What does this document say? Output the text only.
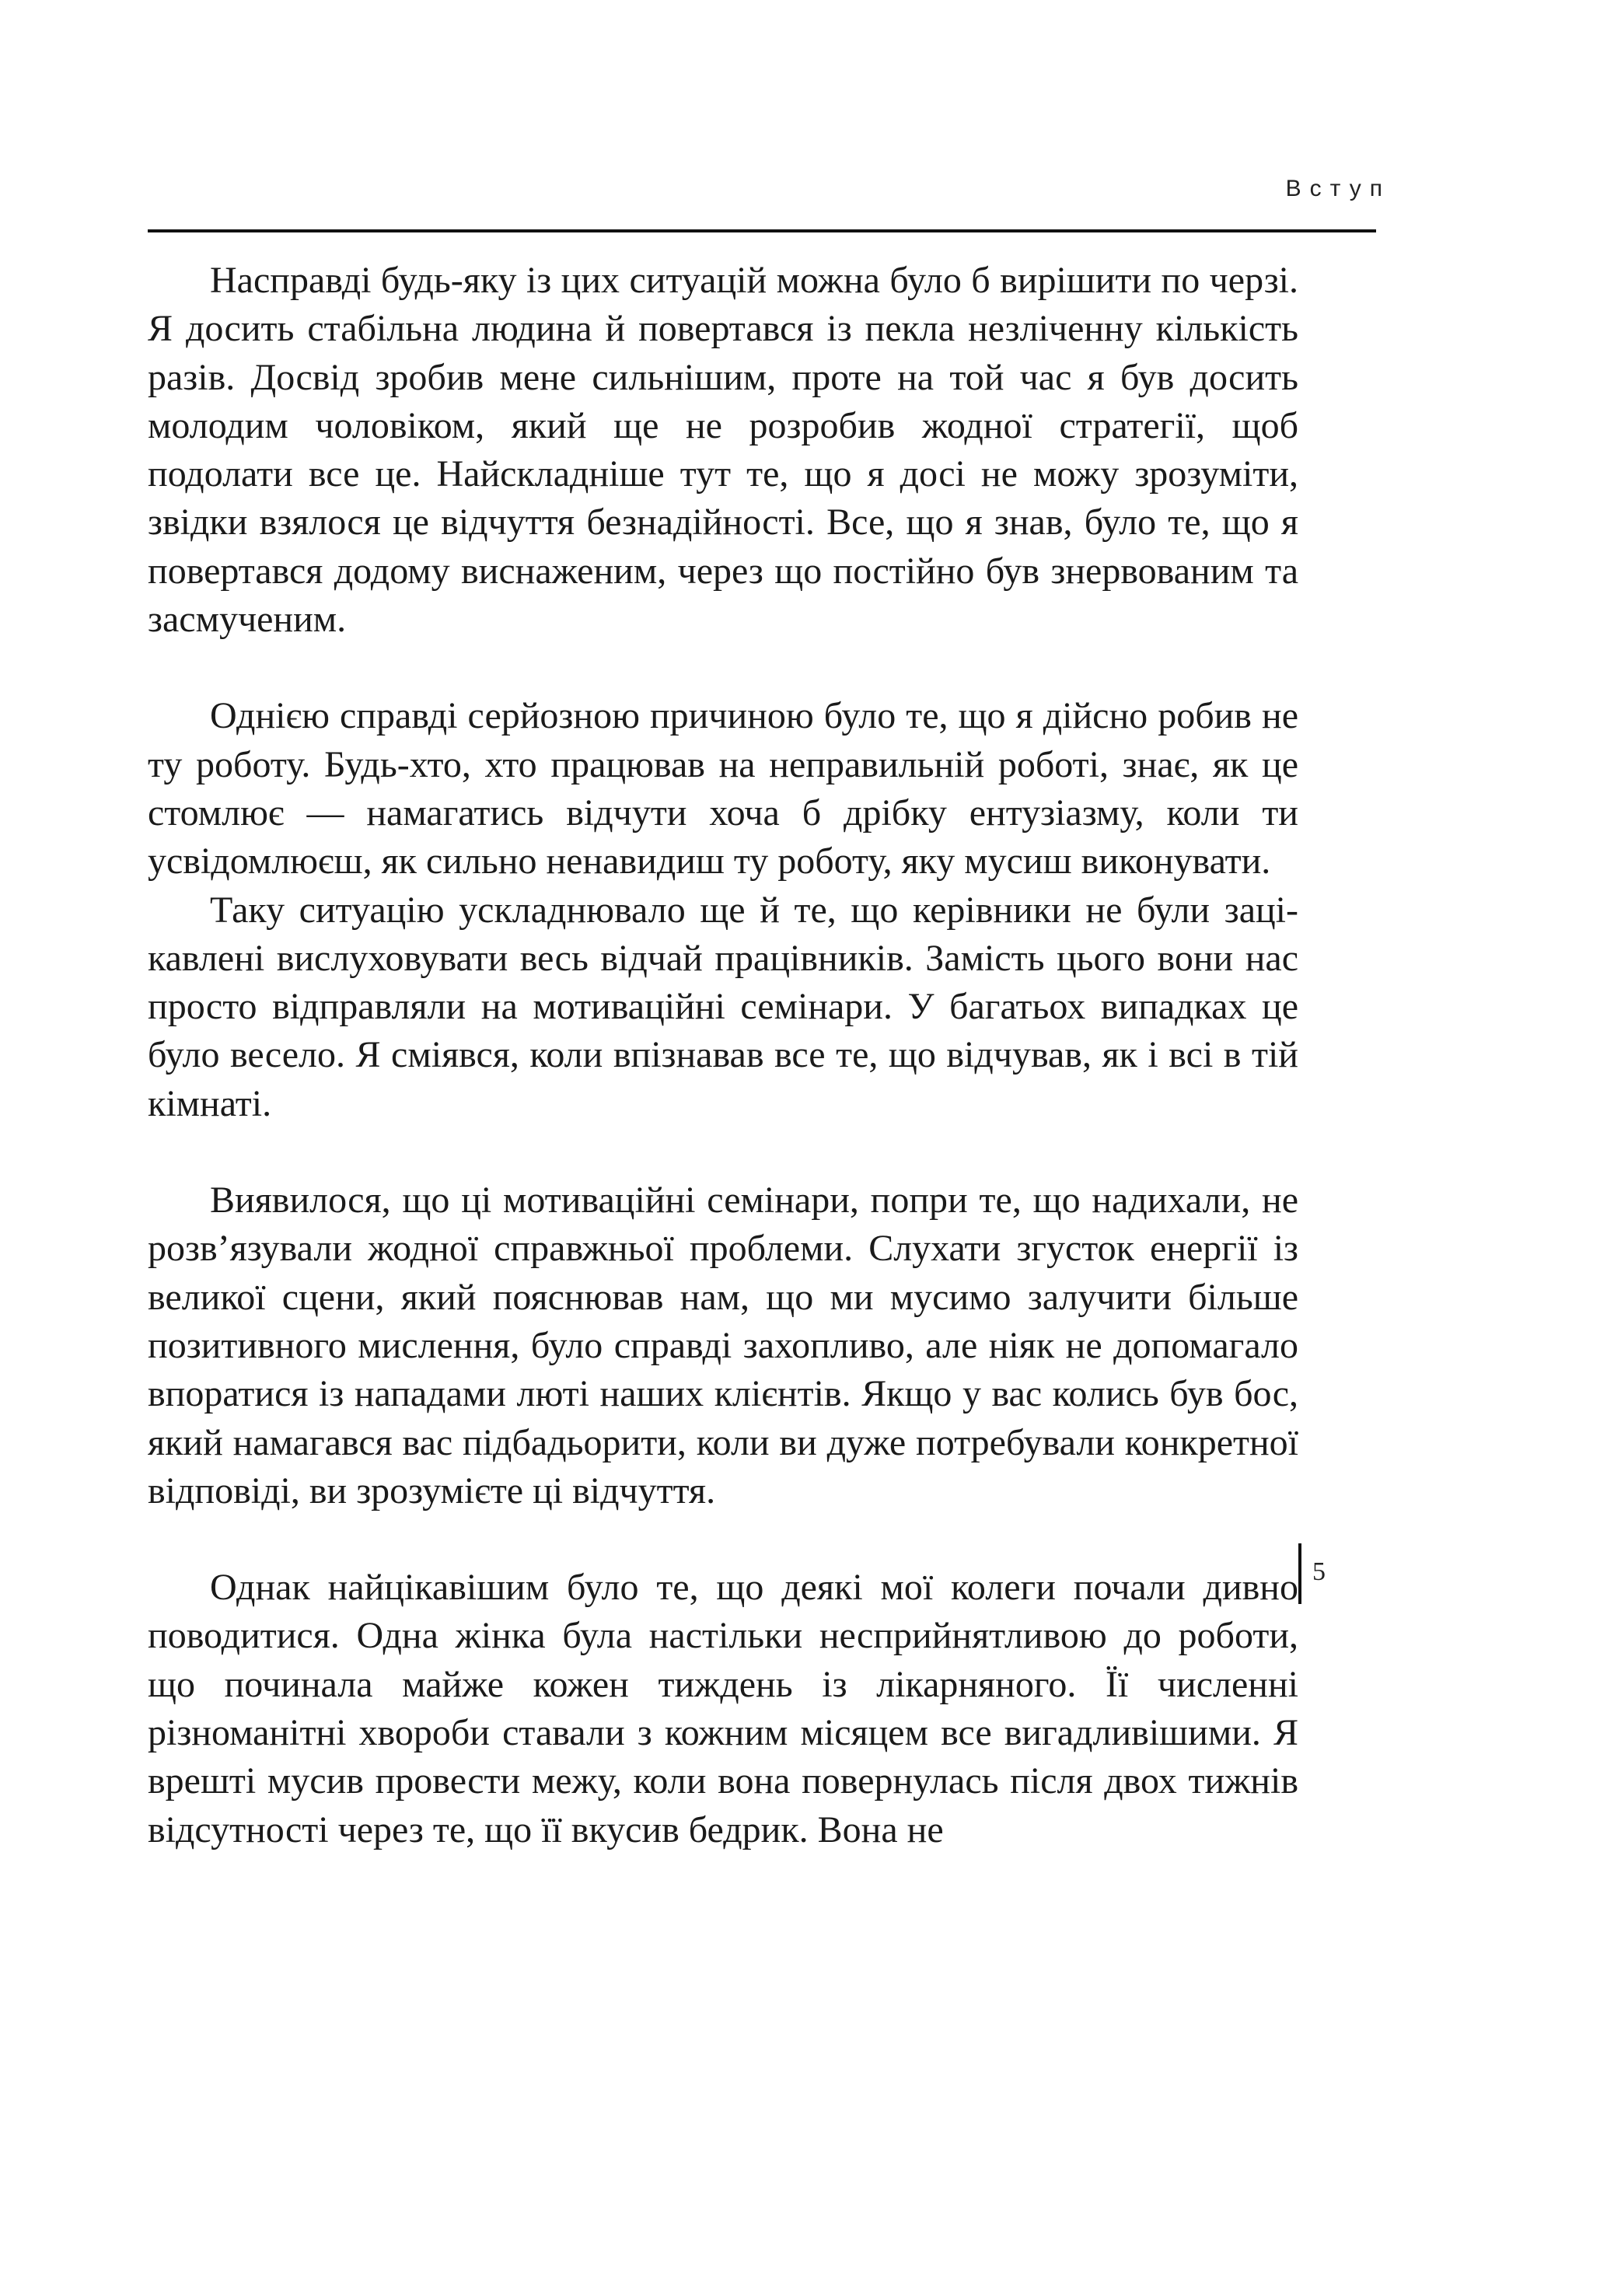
Вступ

Насправді будь-яку із цих ситуацій можна було б вирішити по черзі. Я досить стабільна людина й повертався із пекла незліченну кількість разів. Досвід зробив мене сильнішим, проте на той час я був досить молодим чоловіком, який ще не розробив жодної стратегії, щоб подолати все це. Найскладніше тут те, що я досі не можу зрозуміти, звідки взялося це відчуття безнадійності. Все, що я знав, було те, що я повертався додому виснаженим, через що постійно був знервованим та засмученим.

Однією справді серйозною причиною було те, що я дійсно робив не ту роботу. Будь-хто, хто працював на неправильній роботі, знає, як це стомлює — намагатись відчути хоча б дрібку ентузіазму, коли ти усвідомлюєш, як сильно ненавидиш ту роботу, яку мусиш виконувати.

Таку ситуацію ускладнювало ще й те, що керівники не були зацікавлені вислуховувати весь відчай працівників. Замість цього вони нас просто відправляли на мотиваційні семінари. У багатьох випадках це було весело. Я сміявся, коли впізнавав все те, що відчував, як і всі в тій кімнаті.

Виявилося, що ці мотиваційні семінари, попри те, що надихали, не розв’язували жодної справжньої проблеми. Слухати згусток енергії із великої сцени, який пояснював нам, що ми мусимо залучити більше позитивного мислення, було справді захопливо, але ніяк не допомагало впоратися із нападами люті наших клієнтів. Якщо у вас колись був бос, який намагався вас підбадьорити, коли ви дуже потребували конкретної відповіді, ви зрозумієте ці відчуття.

Однак найцікавішим було те, що деякі мої колеги почали дивно поводитися. Одна жінка була настільки несприйнятливою до роботи, що починала майже кожен тиждень із лікарняного. Її численні різноманітні хвороби ставали з кожним місяцем все вигадливішими. Я врешті мусив провести межу, коли вона повернулась після двох тижнів відсутності через те, що її вкусив бедрик. Вона не

5
